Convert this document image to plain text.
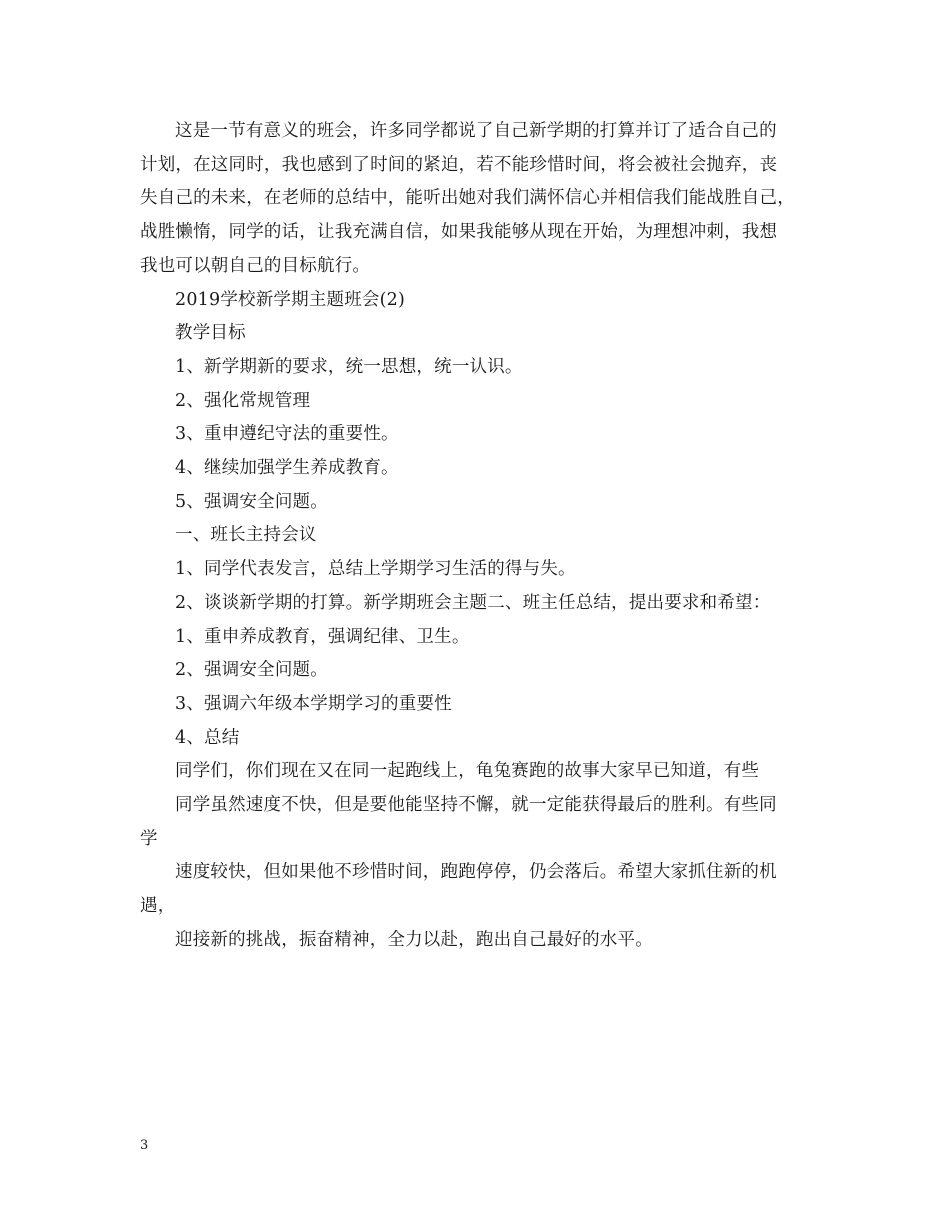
这是一节有意义的班会，许多同学都说了自己新学期的打算并订了适合自己的
计划，在这同时，我也感到了时间的紧迫，若不能珍惜时间，将会被社会抛弃，丧
失自己的未来，在老师的总结中，能听出她对我们满怀信心并相信我们能战胜自己，
战胜懒惰，同学的话，让我充满自信，如果我能够从现在开始，为理想冲刺，我想
我也可以朝自己的目标航行。
2019学校新学期主题班会(2)
教学目标
1、新学期新的要求，统一思想，统一认识。
2、强化常规管理
3、重申遵纪守法的重要性。
4、继续加强学生养成教育。
5、强调安全问题。
一、班长主持会议
1、同学代表发言，总结上学期学习生活的得与失。
2、谈谈新学期的打算。新学期班会主题二、班主任总结，提出要求和希望：
1、重申养成教育，强调纪律、卫生。
2、强调安全问题。
3、强调六年级本学期学习的重要性
4、总结
同学们，你们现在又在同一起跑线上，龟兔赛跑的故事大家早已知道，有些
同学虽然速度不快，但是要他能坚持不懈，就一定能获得最后的胜利。有些同
学
速度较快，但如果他不珍惜时间，跑跑停停，仍会落后。希望大家抓住新的机
遇，
迎接新的挑战，振奋精神，全力以赴，跑出自己最好的水平。
3
